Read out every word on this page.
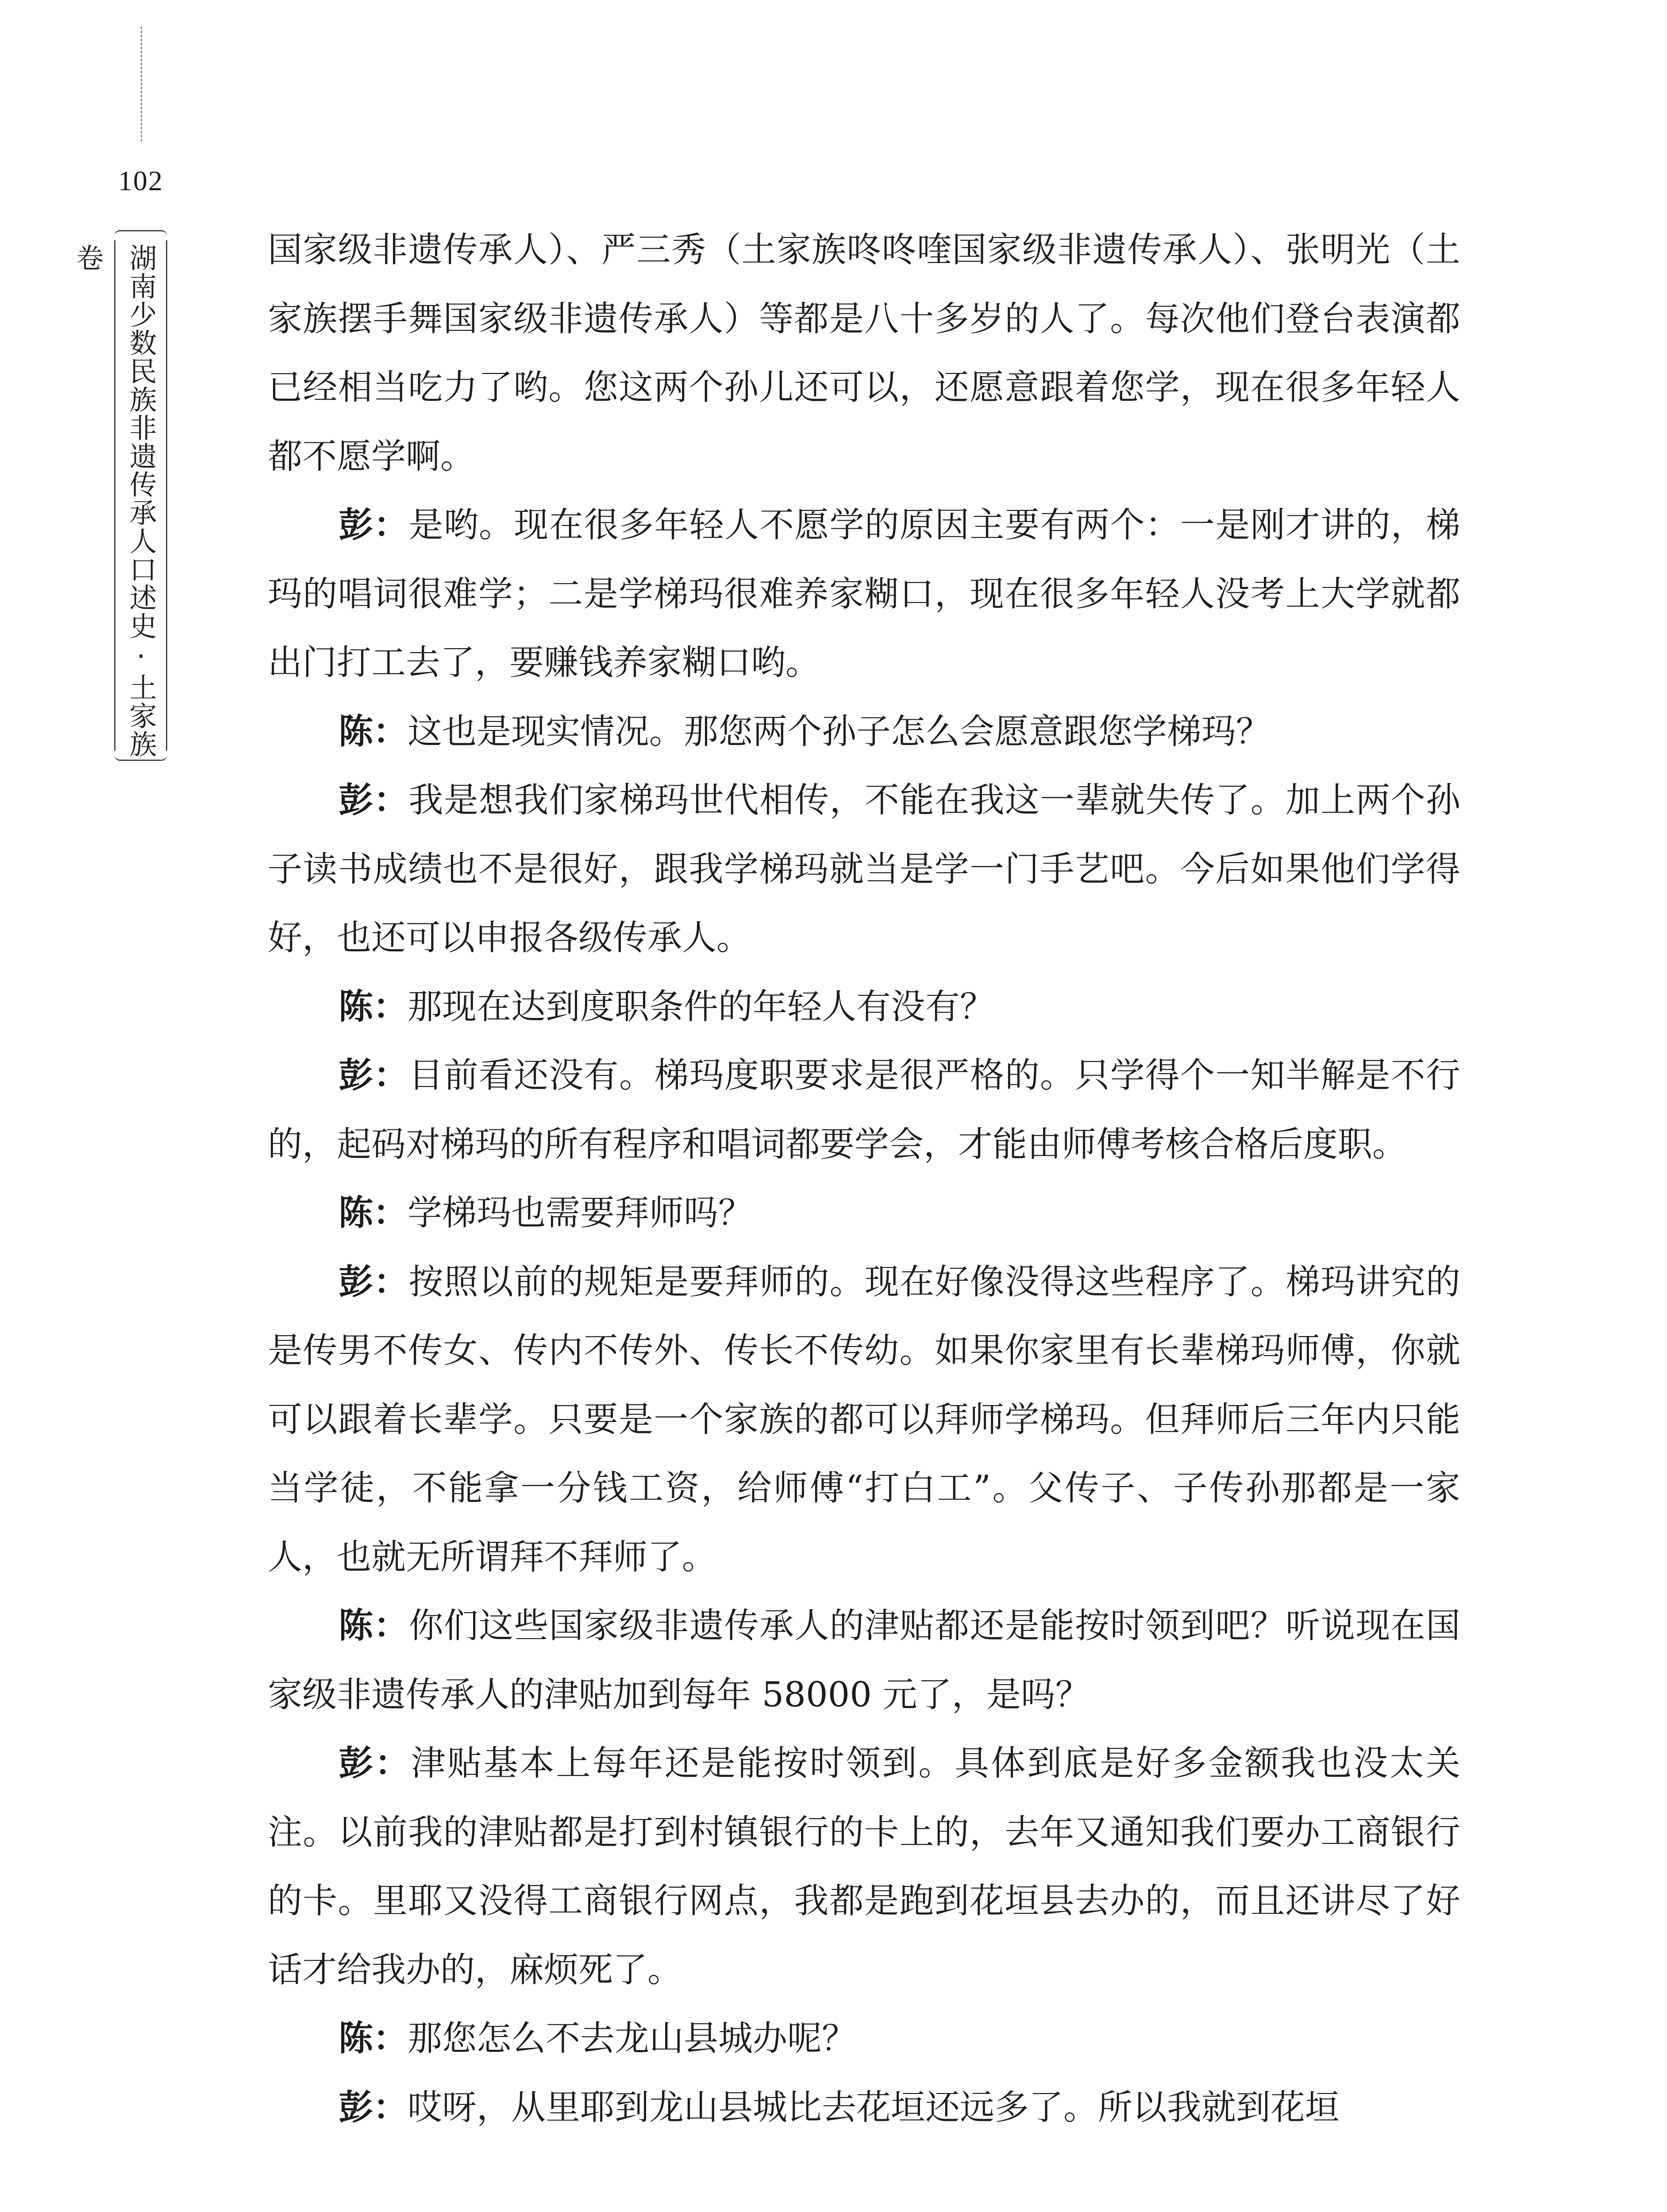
102
湖南少数民族非遗传承人口述史·土家族卷	国家级非遗传承人）、严三秀（土家族咚咚喹国家级非遗传承人）、张明光（土家族摆手舞国家级非遗传承人）等都是八十多岁的人了。每次他们登台表演都已经相当吃力了哟。您这两个孙儿还可以，还愿意跟着您学，现在很多年轻人都不愿学啊。

彭：是哟。现在很多年轻人不愿学的原因主要有两个：一是刚才讲的，梯玛的唱词很难学；二是学梯玛很难养家糊口，现在很多年轻人没考上大学就都出门打工去了，要赚钱养家糊口哟。

陈：这也是现实情况。那您两个孙子怎么会愿意跟您学梯玛？

彭：我是想我们家梯玛世代相传，不能在我这一辈就失传了。加上两个孙子读书成绩也不是很好，跟我学梯玛就当是学一门手艺吧。今后如果他们学得好，也还可以申报各级传承人。

陈：那现在达到度职条件的年轻人有没有？

彭：目前看还没有。梯玛度职要求是很严格的。只学得个一知半解是不行的，起码对梯玛的所有程序和唱词都要学会，才能由师傅考核合格后度职。

陈：学梯玛也需要拜师吗？

彭：按照以前的规矩是要拜师的。现在好像没得这些程序了。梯玛讲究的是传男不传女、传内不传外、传长不传幼。如果你家里有长辈梯玛师傅，你就可以跟着长辈学。只要是一个家族的都可以拜师学梯玛。但拜师后三年内只能当学徒，不能拿一分钱工资，给师傅“打白工”。父传子、子传孙那都是一家人，也就无所谓拜不拜师了。

陈：你们这些国家级非遗传承人的津贴都还是能按时领到吧？听说现在国家级非遗传承人的津贴加到每年 58000 元了，是吗？

彭：津贴基本上每年还是能按时领到。具体到底是好多金额我也没太关注。以前我的津贴都是打到村镇银行的卡上的，去年又通知我们要办工商银行的卡。里耶又没得工商银行网点，我都是跑到花垣县去办的，而且还讲尽了好话才给我办的，麻烦死了。

陈：那您怎么不去龙山县城办呢？

彭：哎呀，从里耶到龙山县城比去花垣还远多了。所以我就到花垣
